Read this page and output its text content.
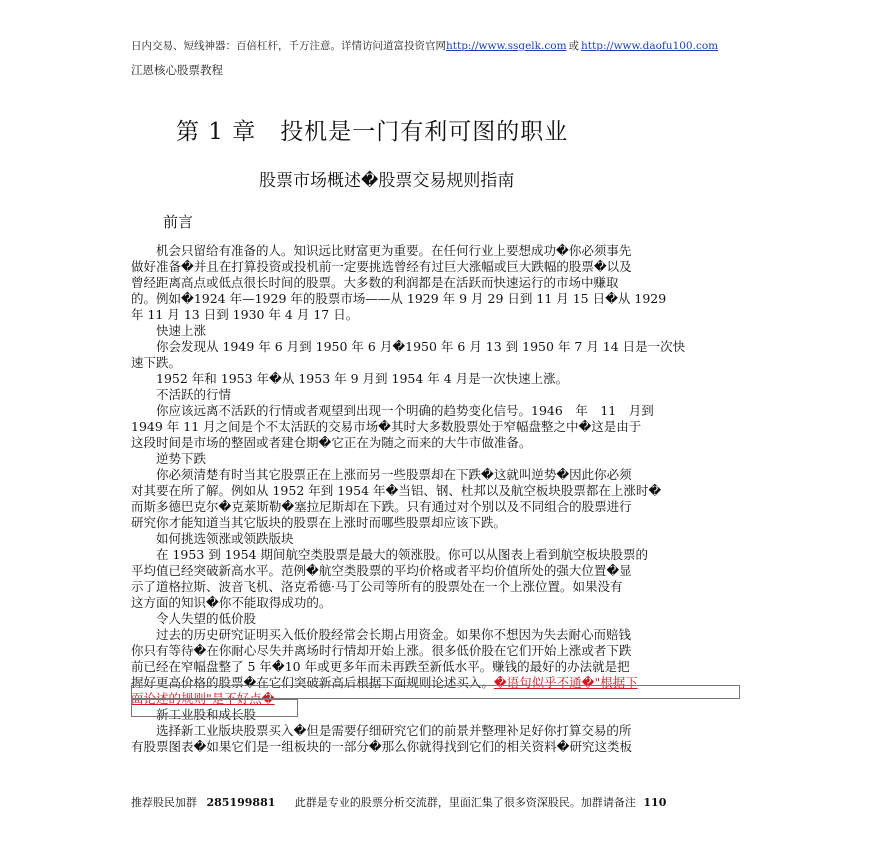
日内交易、短线神器：百倍杠杆，千万注意。详情访问道富投资官网http://www.ssgelk.com 或 http://www.daofu100.com
江恩核心股票教程
第 1 章　投机是一门有利可图的职业
股票市场概述�股票交易规则指南
前言
　　机会只留给有准备的人。知识远比财富更为重要。在任何行业上要想成功�你必须事先
做好准备�并且在打算投资或投机前一定要挑选曾经有过巨大涨幅或巨大跌幅的股票�以及
曾经距离高点或低点很长时间的股票。大多数的利润都是在活跃而快速运行的市场中赚取
的。例如�1924 年—1929 年的股票市场——从 1929 年 9 月 29 日到 11 月 15 日�从 1929
年 11 月 13 日到 1930 年 4 月 17 日。
　　快速上涨
　　你会发现从 1949 年 6 月到 1950 年 6 月�1950 年 6 月 13 到 1950 年 7 月 14 日是一次快
速下跌。
　　1952 年和 1953 年�从 1953 年 9 月到 1954 年 4 月是一次快速上涨。
　　不活跃的行情
　　你应该远离不活跃的行情或者观望到出现一个明确的趋势变化信号。1946　年　11　月到
1949 年 11 月之间是个不太活跃的交易市场�其时大多数股票处于窄幅盘整之中�这是由于
这段时间是市场的整固或者建仓期�它正在为随之而来的大牛市做准备。
　　逆势下跌
　　你必须清楚有时当其它股票正在上涨而另一些股票却在下跌�这就叫逆势�因此你必须
对其要在所了解。例如从 1952 年到 1954 年�当铝、钢、杜邦以及航空板块股票都在上涨时�
而斯多德巴克尔�克莱斯勒�塞拉尼斯却在下跌。只有通过对个别以及不同组合的股票进行
研究你才能知道当其它版块的股票在上涨时而哪些股票却应该下跌。
　　如何挑选领涨或领跌版块
　　在 1953 到 1954 期间航空类股票是最大的领涨股。你可以从图表上看到航空板块股票的
平均值已经突破新高水平。范例�航空类股票的平均价格或者平均价值所处的强大位置�显
示了道格拉斯、波音飞机、洛克希德·马丁公司等所有的股票处在一个上涨位置。如果没有
这方面的知识�你不能取得成功的。
　　令人失望的低价股
　　过去的历史研究证明买入低价股经常会长期占用资金。如果你不想因为失去耐心而赔钱
你只有等待�在你耐心尽失并离场时行情却开始上涨。很多低价股在它们开始上涨或者下跌
前已经在窄幅盘整了 5 年�10 年或更多年而未再跌至新低水平。赚钱的最好的办法就是把
握好更高价格的股票�在它们突破新高后根据下面规则论述买入。�语句似乎不通�"根据下
面论述的规则"是不好点�
　　新工业股和成长股
　　选择新工业版块股票买入�但是需要仔细研究它们的前景并整理补足好你打算交易的所
有股票图表�如果它们是一组板块的一部分�那么你就得找到它们的相关资料�研究这类板
推荐股民加群 285199881 此群是专业的股票分析交流群，里面汇集了很多资深股民。加群请备注 110
